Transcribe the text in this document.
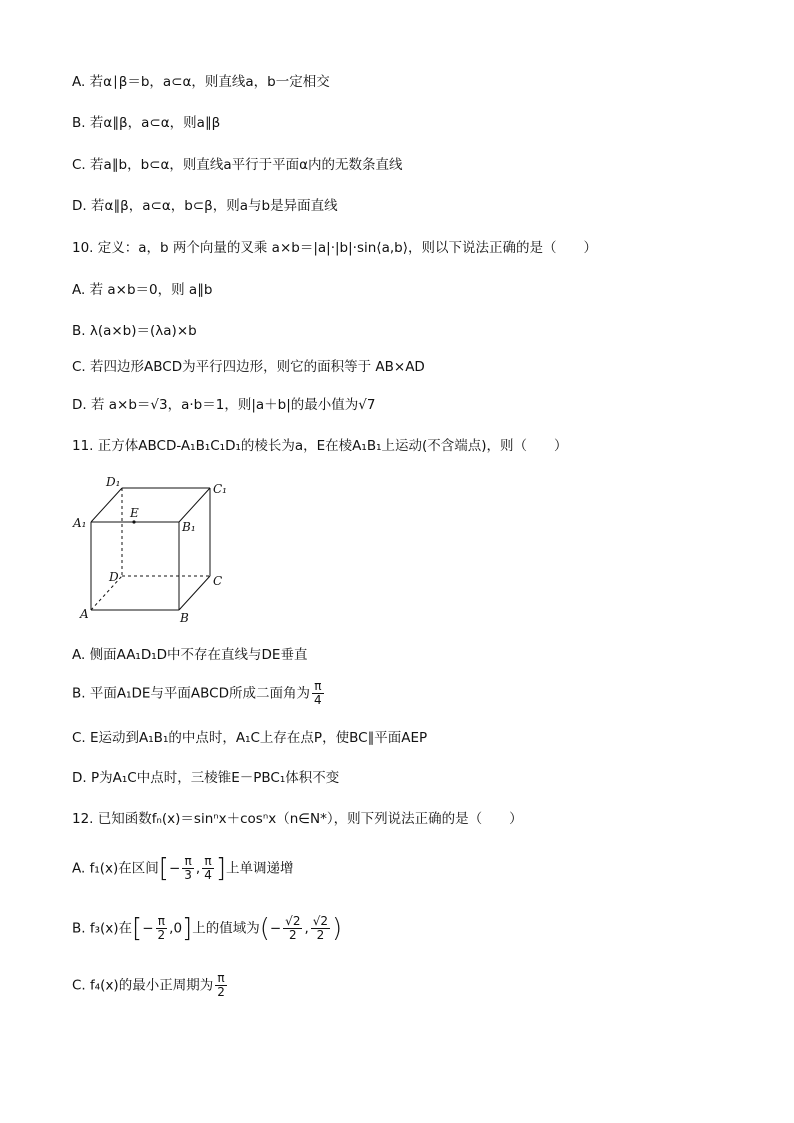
A. 若α∣β＝b，a⊂α，则直线a，b一定相交
B. 若α∥β，a⊂α，则a∥β
C. 若a∥b，b⊂α，则直线a平行于平面α内的无数条直线
D. 若α∥β，a⊂α，b⊂β，则a与b是异面直线
10. 定义：a，b 两个向量的叉乘 a×b＝|a|·|b|·sin⟨a,b⟩，则以下说法正确的是（　　）
A. 若 a×b＝0，则 a∥b
B. λ(a×b)＝(λa)×b
C. 若四边形ABCD为平行四边形，则它的面积等于 AB×AD
D. 若 a×b＝√3，a·b＝1，则|a＋b|的最小值为√7
11. 正方体ABCD-A₁B₁C₁D₁的棱长为a，E在棱A₁B₁上运动(不含端点)，则（　　）
D₁	C₁
A₁
E
B₁
D	C
A	B
A. 侧面AA₁D₁D中不存在直线与DE垂直
B. 平面A₁DE与平面ABCD所成二面角为 $\frac{\pi}{4}$
C. E运动到A₁B₁的中点时，A₁C上存在点P，使BC∥平面AEP
D. P为A₁C中点时，三棱锥E－PBC₁体积不变
12. 已知函数fₙ(x)＝sinⁿx＋cosⁿx（n∈N*），则下列说法正确的是（　　）
A. f₁(x)在区间[− $\frac{\pi}{3}$ , $\frac{\pi}{4}$ ]上单调递增
B. f₃(x)在[− $\frac{\pi}{2} ,0$]上的值域为(− $\frac{√2}{2}$ , $\frac{√2}{2}$ )
C. f₄(x)的最小正周期为 $\frac{\pi}{2}$
